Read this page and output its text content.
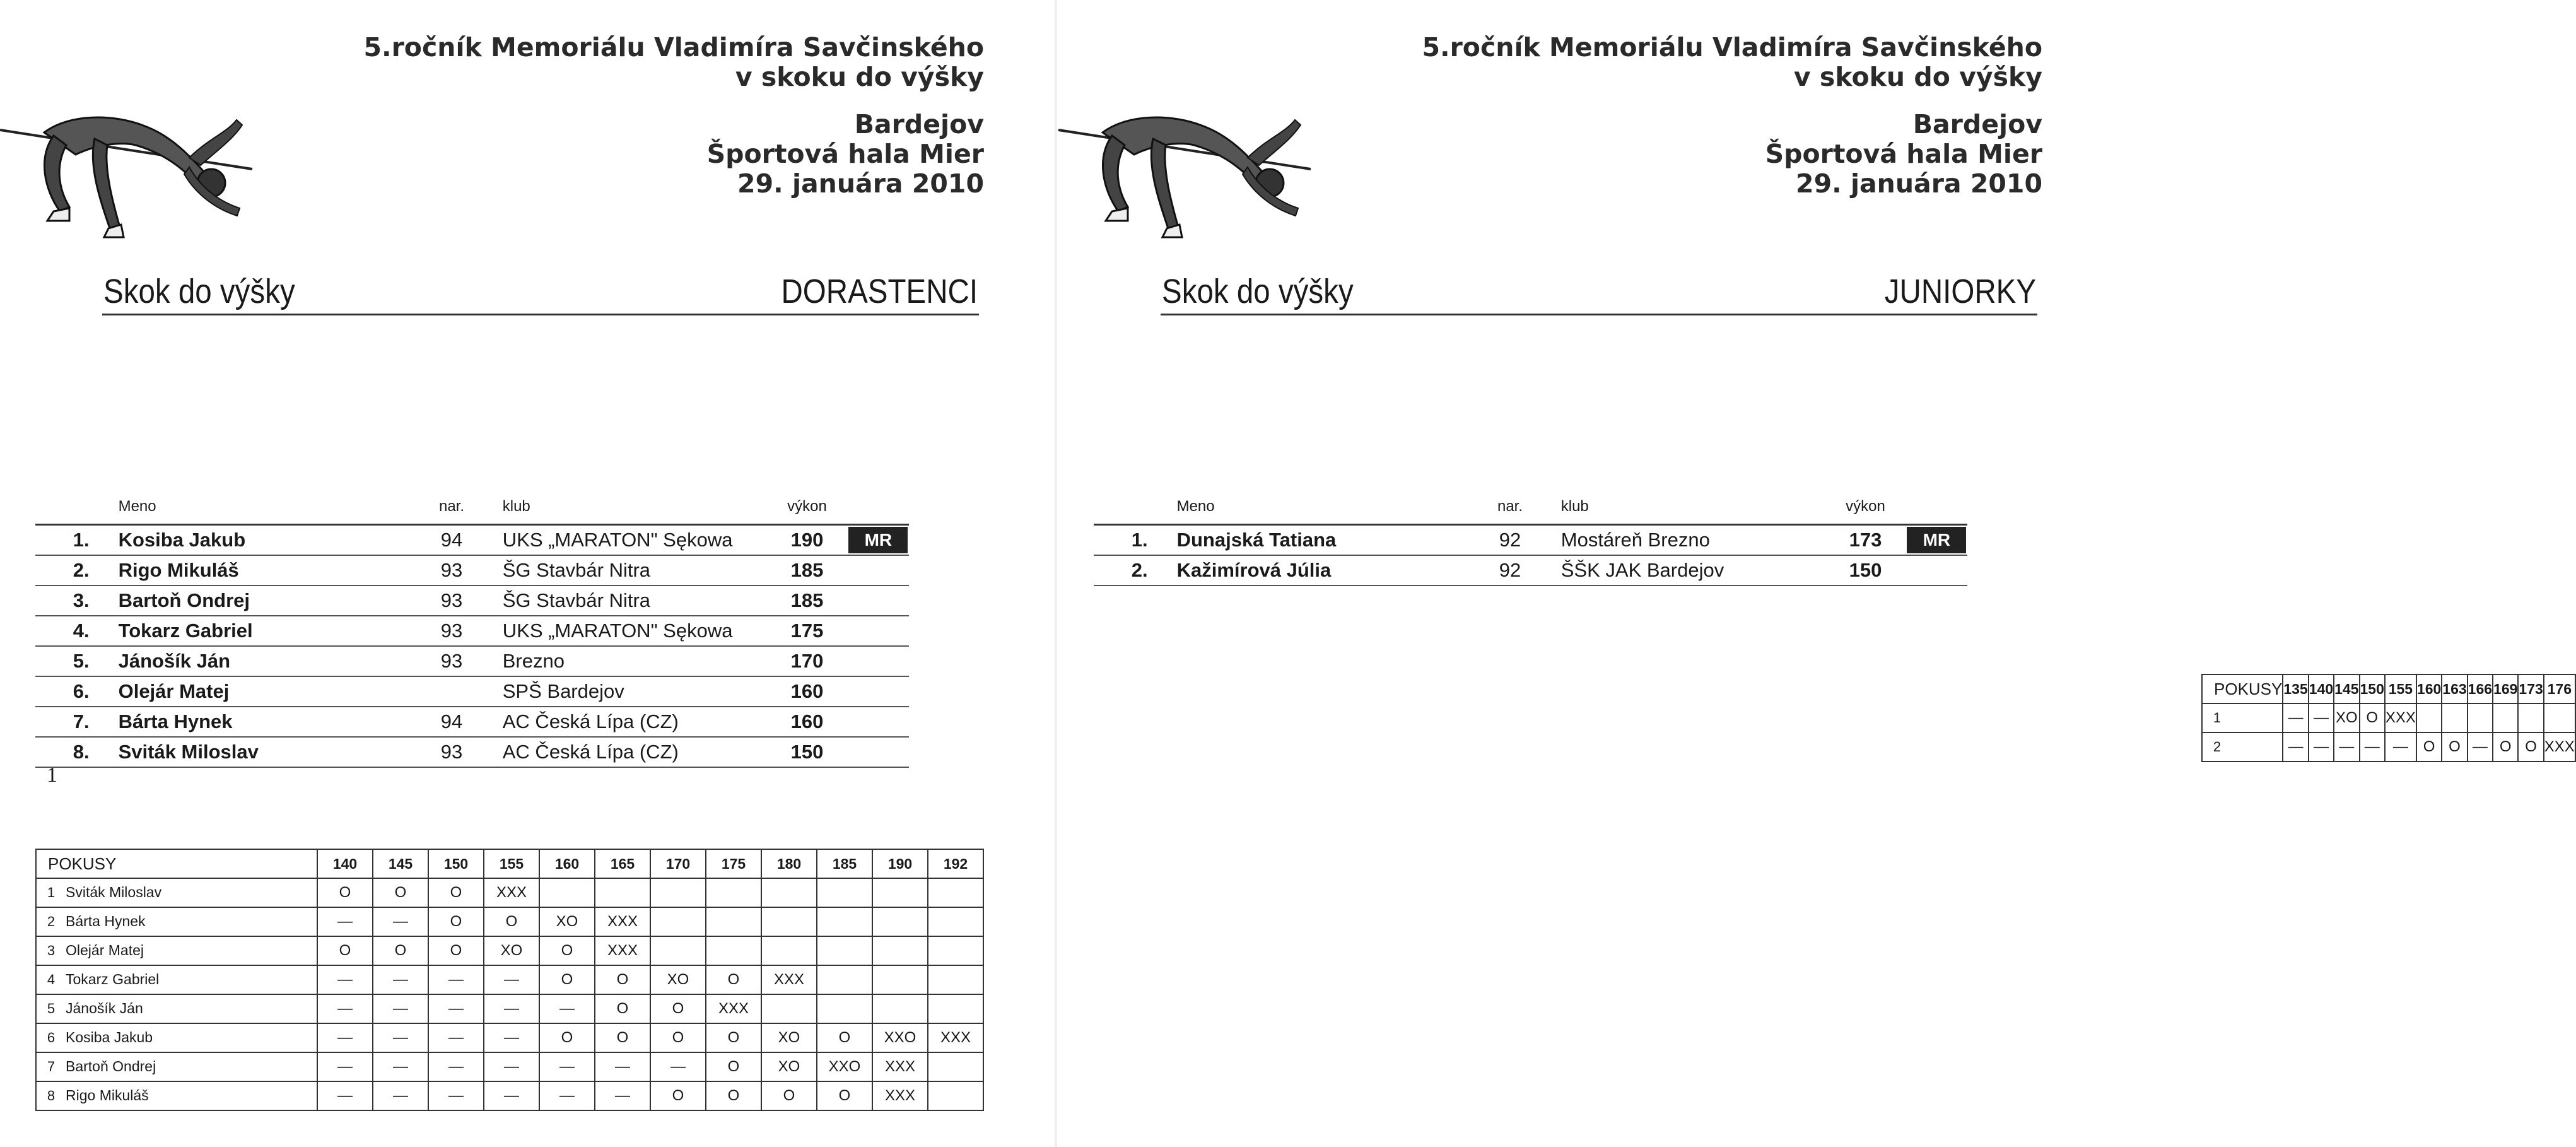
5.ročník Memoriálu Vladimíra Savčinského
v skoku do výšky
Bardejov
Športová hala Mier
29. januára 2010
Skok do výšky	DORASTENCI
	Meno	nar.	klub	výkon	
1.	Kosiba Jakub	94	UKS „MARATON" Sękowa	190	MR
2.	Rigo Mikuláš	93	ŠG Stavbár Nitra	185	
3.	Bartoň Ondrej	93	ŠG Stavbár Nitra	185	
4.	Tokarz Gabriel	93	UKS „MARATON" Sękowa	175	
5.	Jánošík Ján	93	Brezno	170	
6.	Olejár Matej		SPŠ Bardejov	160	
7.	Bárta Hynek	94	AC Česká Lípa (CZ)	160	
8.	Sviták Miloslav	93	AC Česká Lípa (CZ)	150	
1
POKUSY	140	145	150	155	160	165	170	175	180	185	190	192
1 Sviták Miloslav	O	O	O	XXX								
2 Bárta Hynek	—	—	O	O	XO	XXX						
3 Olejár Matej	O	O	O	XO	O	XXX						
4 Tokarz Gabriel	—	—	—	—	O	O	XO	O	XXX			
5 Jánošík Ján	—	—	—	—	—	O	O	XXX				
6 Kosiba Jakub	—	—	—	—	O	O	O	O	XO	O	XXO	XXX
7 Bartoň Ondrej	—	—	—	—	—	—	—	O	XO	XXO	XXX	
8 Rigo Mikuláš	—	—	—	—	—	—	O	O	O	O	XXX	
5.ročník Memoriálu Vladimíra Savčinského
v skoku do výšky
Bardejov
Športová hala Mier
29. januára 2010
Skok do výšky	JUNIORKY
	Meno	nar.	klub	výkon	
1.	Dunajská Tatiana	92	Mostáreň Brezno	173	MR
2.	Kažimírová Júlia	92	ŠŠK JAK Bardejov	150	
POKUSY	135	140	145	150	155	160	163	166	169	173	176
1	—	—	XO	O	XXX						
2	—	—	—	—	—	O	O	—	O	O	XXX
